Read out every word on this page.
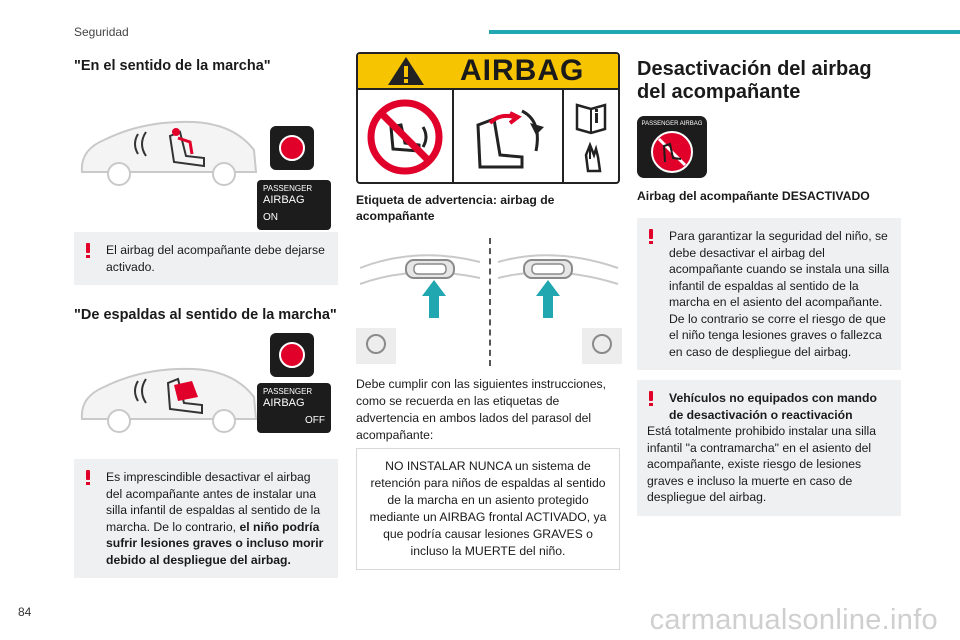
Seguridad
"En el sentido de la marcha"
PASSENGER
AIRBAG
ON
El airbag del acompañante debe dejarse activado.
"De espaldas al sentido de la marcha"
PASSENGER
AIRBAG
OFF
Es imprescindible desactivar el airbag del acompañante antes de instalar una silla infantil de espaldas al sentido de la marcha. De lo contrario, el niño podría sufrir lesiones graves o incluso morir debido al despliegue del airbag.
AIRBAG
Etiqueta de advertencia: airbag de acompañante
Debe cumplir con las siguientes instrucciones, como se recuerda en las etiquetas de advertencia en ambos lados del parasol del acompañante:
NO INSTALAR NUNCA un sistema de retención para niños de espaldas al sentido de la marcha en un asiento protegido mediante un AIRBAG frontal ACTIVADO, ya que podría causar lesiones GRAVES o incluso la MUERTE del niño.
Desactivación del airbag del acompañante
PASSENGER AIRBAG
Airbag del acompañante DESACTIVADO
Para garantizar la seguridad del niño, se debe desactivar el airbag del acompañante cuando se instala una silla infantil de espaldas al sentido de la marcha en el asiento del acompañante. De lo contrario se corre el riesgo de que el niño tenga lesiones graves o fallezca en caso de despliegue del airbag.
Vehículos no equipados con mando de desactivación o reactivación
Está totalmente prohibido instalar una silla infantil "a contramarcha" en el asiento del acompañante, existe riesgo de lesiones graves e incluso la muerte en caso de despliegue del airbag.
84	carmanualsonline.info
